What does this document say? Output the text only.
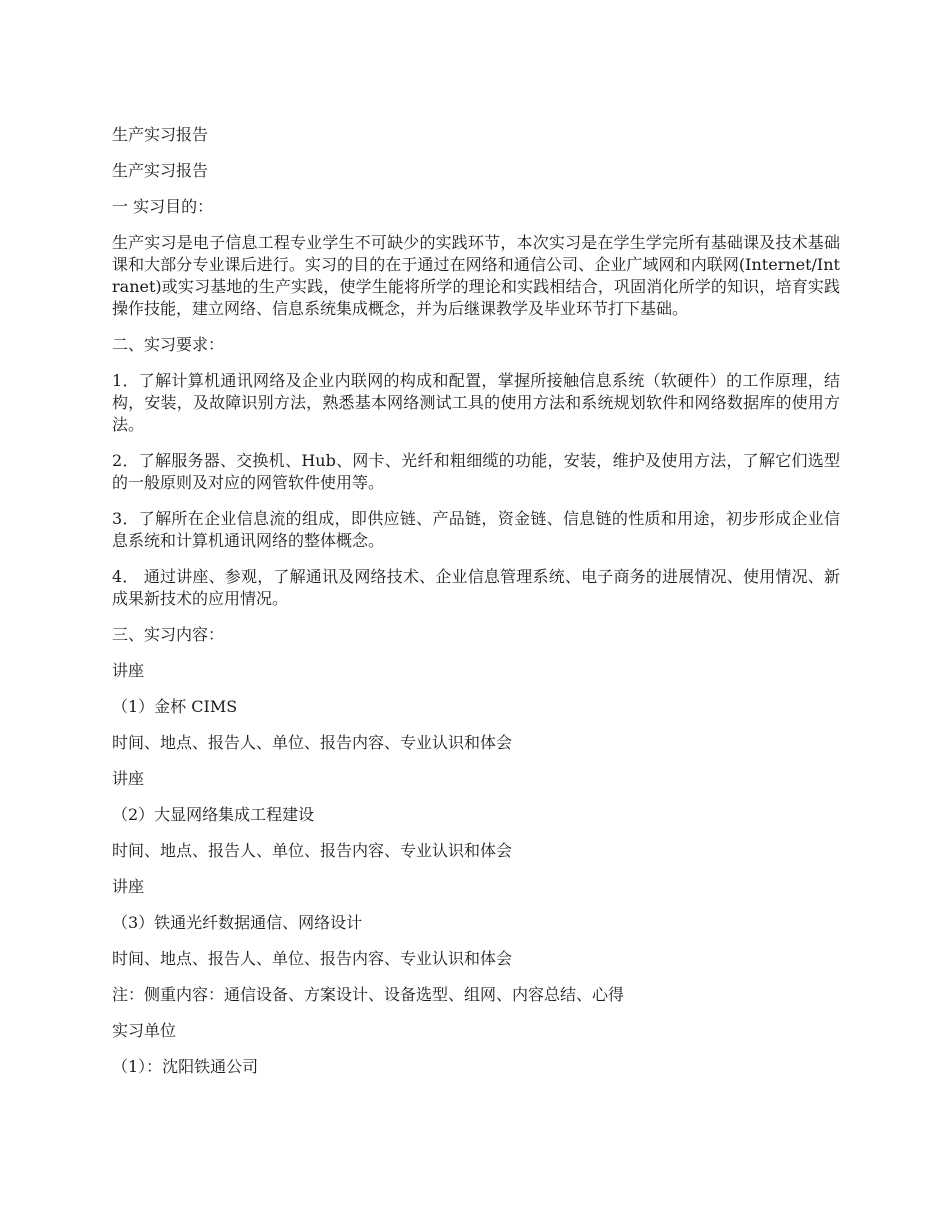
生产实习报告

生产实习报告

一 实习目的：

生产实习是电子信息工程专业学生不可缺少的实践环节，本次实习是在学生学完所有基础课及技术基础课和大部分专业课后进行。实习的目的在于通过在网络和通信公司、企业广域网和内联网(Internet/Intranet)或实习基地的生产实践，使学生能将所学的理论和实践相结合，巩固消化所学的知识，培育实践操作技能，建立网络、信息系统集成概念，并为后继课教学及毕业环节打下基础。

二、实习要求：

1．了解计算机通讯网络及企业内联网的构成和配置，掌握所接触信息系统（软硬件）的工作原理，结构，安装，及故障识别方法，熟悉基本网络测试工具的使用方法和系统规划软件和网络数据库的使用方法。

2．了解服务器、交换机、Hub、网卡、光纤和粗细缆的功能，安装，维护及使用方法，了解它们选型的一般原则及对应的网管软件使用等。

3．了解所在企业信息流的组成，即供应链、产品链，资金链、信息链的性质和用途，初步形成企业信息系统和计算机通讯网络的整体概念。

4． 通过讲座、参观，了解通讯及网络技术、企业信息管理系统、电子商务的进展情况、使用情况、新成果新技术的应用情况。

三、实习内容：

讲座

（1）金杯 CIMS

时间、地点、报告人、单位、报告内容、专业认识和体会

讲座

（2）大显网络集成工程建设

时间、地点、报告人、单位、报告内容、专业认识和体会

讲座

（3）铁通光纤数据通信、网络设计

时间、地点、报告人、单位、报告内容、专业认识和体会

注：侧重内容：通信设备、方案设计、设备选型、组网、内容总结、心得

实习单位

（1）：沈阳铁通公司
